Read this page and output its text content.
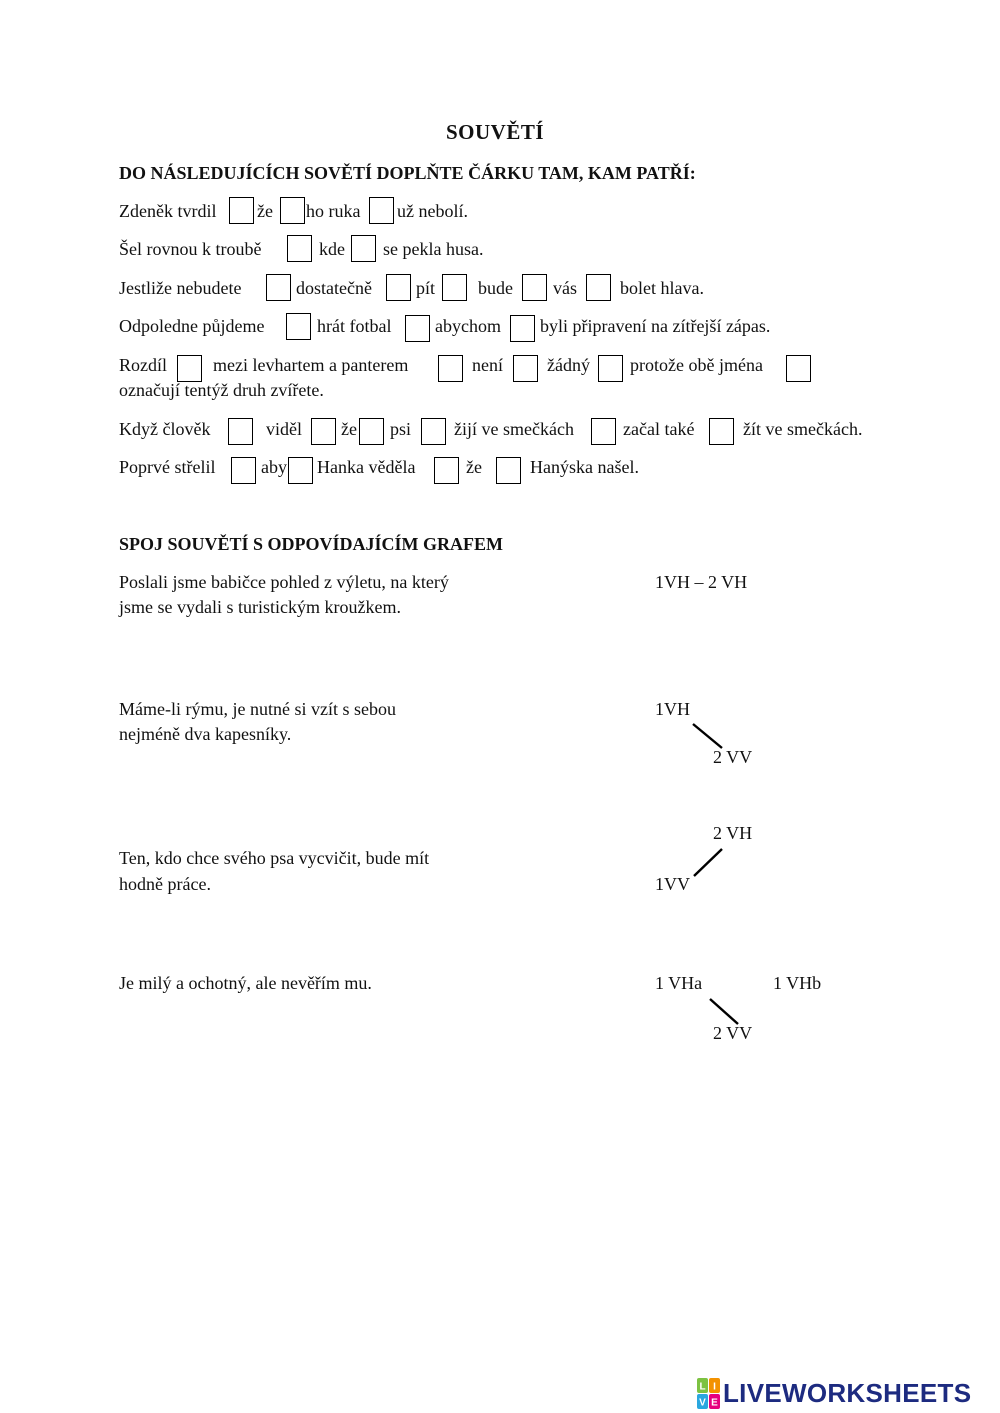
SOUVĚTÍ
DO NÁSLEDUJÍCÍCH SOVĚTÍ DOPLŇTE ČÁRKU TAM, KAM PATŘÍ:
Zdeněk tvrdil že ho ruka už nebolí.
Šel rovnou k troubě	kde se pekla husa.
Jestliže nebudete	dostatečně pít bude vás bolet hlava.
Odpoledne půjdeme	hrát fotbal abychom byli připravení na zítřejší zápas.
Rozdíl	mezi levhartem a panterem	není žádný protože obě jména
označují tentýž druh zvířete.
Když člověk	viděl že psi žijí ve smečkách	začal také	žít ve smečkách.
Poprvé střelil	aby Hanka věděla	že	Hanýska našel.
SPOJ SOUVĚTÍ S ODPOVÍDAJÍCÍM GRAFEM
Poslali jsme babičce pohled z výletu, na který
jsme se vydali s turistickým kroužkem.
Máme-li rýmu, je nutné si vzít s sebou
nejméně dva kapesníky.
Ten, kdo chce svého psa vycvičit, bude mít
hodně práce.
Je milý a ochotný, ale nevěřím mu.
1VH – 2 VH
1VH
2 VV
2 VH
1VV
1 VHa	1 VHb
2 VV
L I
V E LIVEWORKSHEETS
